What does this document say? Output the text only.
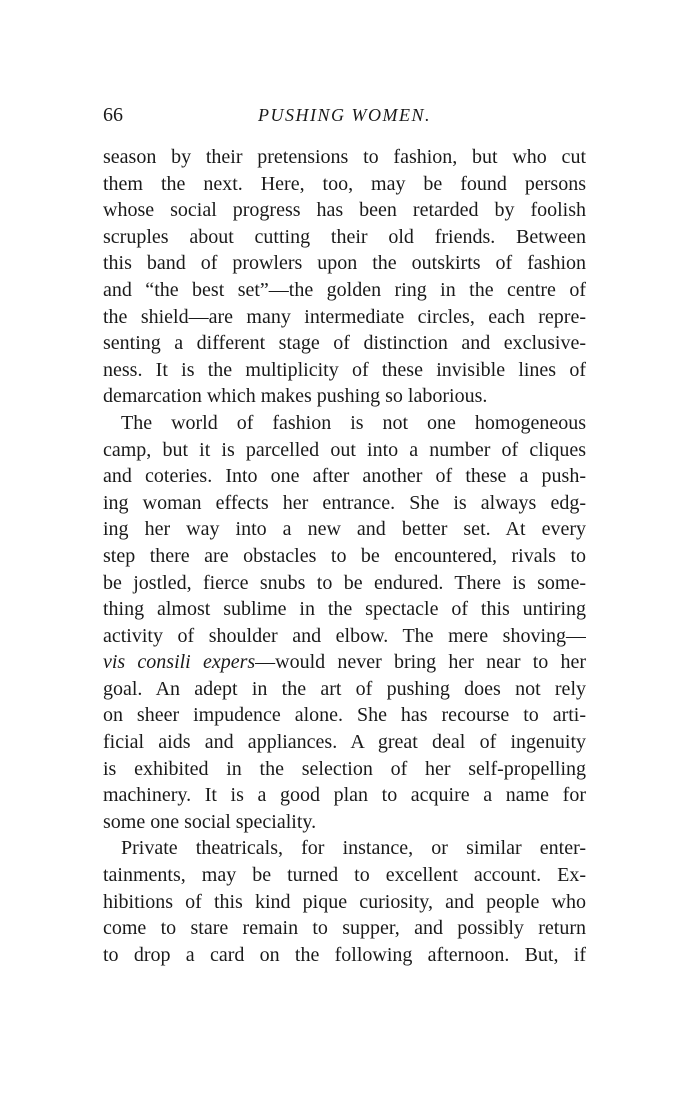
66	PUSHING WOMEN.
season by their pretensions to fashion, but who cut
them the next. Here, too, may be found persons
whose social progress has been retarded by foolish
scruples about cutting their old friends. Between
this band of prowlers upon the outskirts of fashion
and “the best set”—the golden ring in the centre of
the shield—are many intermediate circles, each repre-
senting a different stage of distinction and exclusive-
ness. It is the multiplicity of these invisible lines of
demarcation which makes pushing so laborious.
The world of fashion is not one homogeneous
camp, but it is parcelled out into a number of cliques
and coteries. Into one after another of these a push-
ing woman effects her entrance. She is always edg-
ing her way into a new and better set. At every
step there are obstacles to be encountered, rivals to
be jostled, fierce snubs to be endured. There is some-
thing almost sublime in the spectacle of this untiring
activity of shoulder and elbow. The mere shoving—
vis consili expers—would never bring her near to her
goal. An adept in the art of pushing does not rely
on sheer impudence alone. She has recourse to arti-
ficial aids and appliances. A great deal of ingenuity
is exhibited in the selection of her self-propelling
machinery. It is a good plan to acquire a name for
some one social speciality.
Private theatricals, for instance, or similar enter-
tainments, may be turned to excellent account. Ex-
hibitions of this kind pique curiosity, and people who
come to stare remain to supper, and possibly return
to drop a card on the following afternoon. But, if
